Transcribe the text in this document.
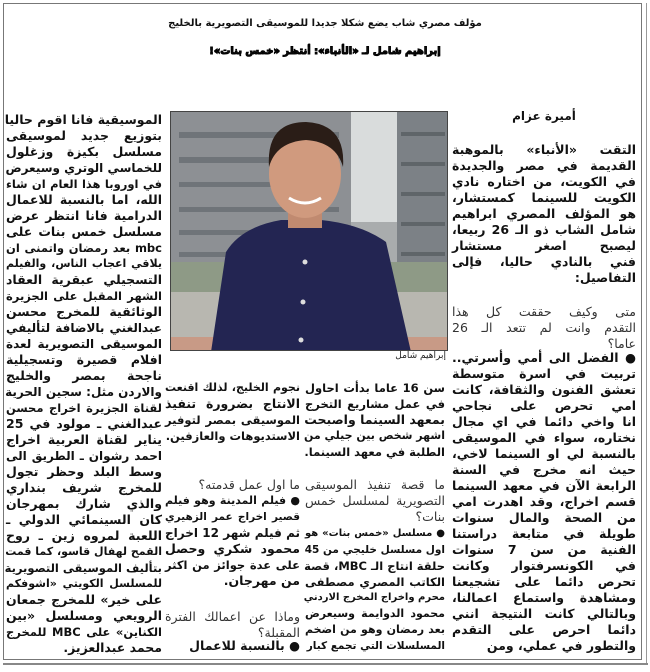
مؤلف مصري شاب يضع شكلا جديدا للموسيقى التصويرية بالخليج
إبراهيم شامل لـ «الأنباء»: أنتظر «خمس بنات»!
أميرة عزام
إبراهيم شامل
التقت «الأنباء» بالموهبة
القديمة في مصر والجديدة
في الكويت، من اختاره نادي
الكويت للسينما كمستشار،
هو المؤلف المصري ابراهيم
شامل الشاب ذو الـ 26 ربيعا،
ليصبح اصغر مستشار
فني بالنادي حاليا، فإلى
التفاصيل:
متى وكيف حققت كل هذا
التقدم وانت لم تتعد الـ 26
عاما؟
● الفضل الى أمي وأسرتي..
تربيت في اسرة متوسطة
تعشق الفنون والثقافة، كانت
امي تحرص على نجاحي
انا واخي دائما في اي مجال
نختاره، سواء في الموسيقى
بالنسبة لي او السينما لاخي،
حيث انه مخرج في السنة
الرابعة الآن في معهد السينما
قسم اخراج، وقد اهدرت امي
من الصحة والمال سنوات
طويلة في متابعة دراستنا
الفنية من سن 7 سنوات
في الكونسرفتوار وكانت
تحرص دائما على تشجيعنا
ومشاهدة واستماع اعمالنا،
وبالتالي كانت النتيجة انني
دائما احرص على التقدم
والتطور في عملي، ومن
سن 16 عاما بدأت احاول
في عمل مشاريع التخرج
بمعهد السينما واصبحت
اشهر شخص بين جيلي من
الطلبة في معهد السينما.
ما قصة تنفيذ الموسيقى
التصويرية لمسلسل خمس
بنات؟
● مسلسل «خمس بنات» هو
اول مسلسل خليجي من 45
حلقة انتاج الـ MBC، قصة
الكاتب المصري مصطفى
محرم واخراج المخرج الاردني
محمود الدوايمة وسيعرض
بعد رمضان وهو من اضخم
المسلسلات التي تجمع كبار
نجوم الخليج، لذلك اقنعت
الانتاج بضرورة تنفيذ
الموسيقى بمصر لتوفير
الاستديوهات والعازفين.
ما اول عمل قدمته؟
● فيلم المدينة وهو فيلم
قصير اخراج عمر الزهيري
ثم فيلم شهر 12 اخراج
محمود شكري وحصل
على عدة جوائز من اكثر
من مهرجان.
وماذا عن اعمالك الفترة
المقبلة؟
● بالنسبة للاعمال
الموسيقية فانا اقوم حاليا
بتوزيع جديد لموسيقى
مسلسل بكيزة وزغلول
للخماسي الوتري وسيعرض
في اوروبا هذا العام ان شاء
الله، اما بالنسبة للاعمال
الدرامية فانا انتظر عرض
مسلسل خمس بنات على
mbc بعد رمضان واتمنى ان
يلاقي اعجاب الناس، والفيلم
التسجيلي عبقرية العقاد
الشهر المقبل على الجزيرة
الوثائقية للمخرج محسن
عبدالغني بالاضافة لتأليفي
الموسيقى التصويرية لعدة
افلام قصيرة وتسجيلية
ناجحة بمصر والخليج
والاردن مثل: سجين الحرية
لقناة الجزيرة اخراج محسن
عبدالغني ـ مولود في 25
يناير لقناة العربية اخراج
احمد رشوان ـ الطريق الى
وسط البلد وحظر تجول
للمخرج شريف بنداري
والذي شارك بمهرجان
كان السينمائي الدولي ـ
اللعبة لمروه زين ـ روح
القمح لهفال قاسو، كما قمت
بتأليف الموسيقى التصويرية
للمسلسل الكويتي «اشوفكم
على خير» للمخرج جمعان
الرويعي ومسلسل «بين
الكناين» على MBC للمخرج
محمد عبدالعزيز.
